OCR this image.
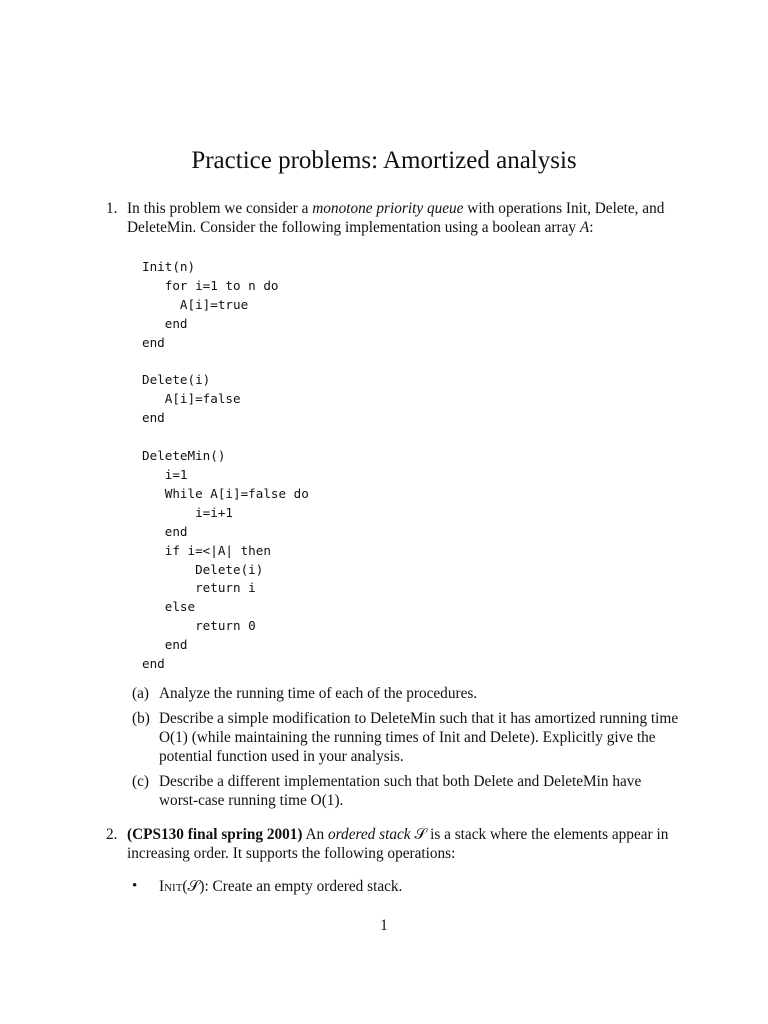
Practice problems: Amortized analysis
1. In this problem we consider a monotone priority queue with operations Init, Delete, and DeleteMin. Consider the following implementation using a boolean array A:
Init(n)
for i=1 to n do
A[i]=true
end
end

Delete(i)
A[i]=false
end

DeleteMin()
i=1
While A[i]=false do
i=i+1
end
if i=<|A| then
Delete(i)
return i
else
return 0
end
end
(a) Analyze the running time of each of the procedures.
(b) Describe a simple modification to DeleteMin such that it has amortized running time O(1) (while maintaining the running times of Init and Delete). Explicitly give the potential function used in your analysis.
(c) Describe a different implementation such that both Delete and DeleteMin have worst-case running time O(1).
2. (CPS130 final spring 2001) An ordered stack 𝒮 is a stack where the elements appear in increasing order. It supports the following operations:
• Init(𝒮): Create an empty ordered stack.
1
